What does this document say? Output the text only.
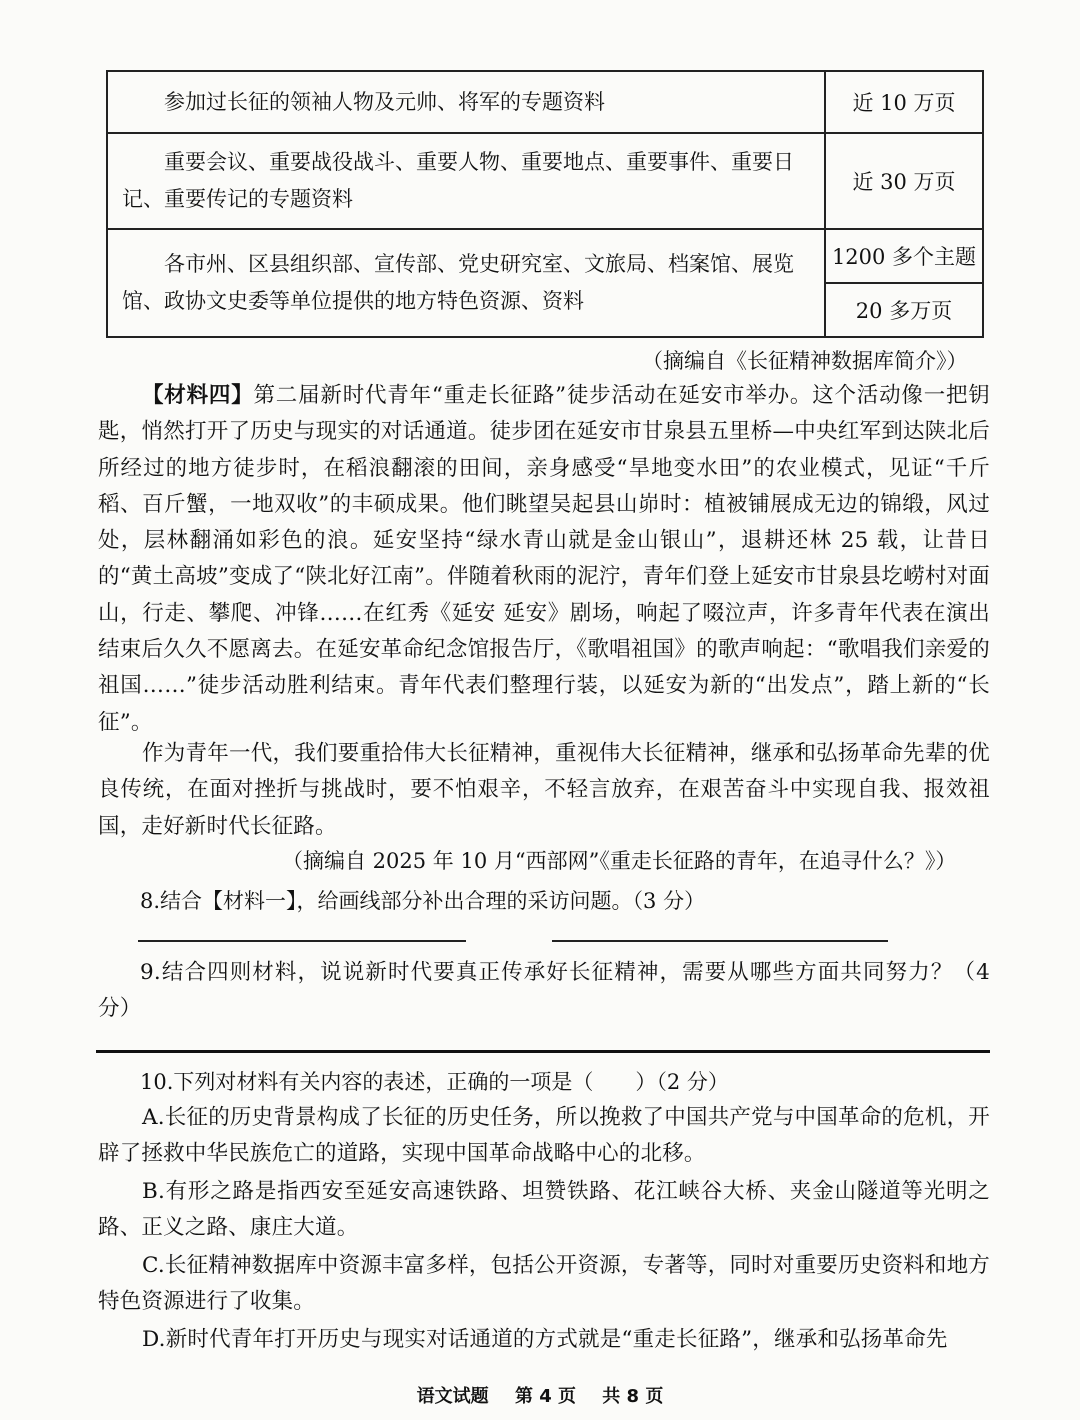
参加过长征的领袖人物及元帅、将军的专题资料	近 10 万页

重要会议、重要战役战斗、重要人物、重要地点、重要事件、重要日记、重要传记的专题资料	近 30 万页

各市州、区县组织部、宣传部、党史研究室、文旅局、档案馆、展览馆、政协文史委等单位提供的地方特色资源、资料	1200 多个主题
	20 多万页
（摘编自《长征精神数据库简介》）
【材料四】第二届新时代青年“重走长征路”徒步活动在延安市举办。这个活动像一把钥匙，悄然打开了历史与现实的对话通道。徒步团在延安市甘泉县五里桥—中央红军到达陕北后所经过的地方徒步时，在稻浪翻滚的田间，亲身感受“旱地变水田”的农业模式，见证“千斤稻、百斤蟹，一地双收”的丰硕成果。他们眺望吴起县山峁时：植被铺展成无边的锦缎，风过处，层林翻涌如彩色的浪。延安坚持“绿水青山就是金山银山”，退耕还林 25 载，让昔日的“黄土高坡”变成了“陕北好江南”。伴随着秋雨的泥泞，青年们登上延安市甘泉县圪崂村对面山，行走、攀爬、冲锋……在红秀《延安 延安》剧场，响起了啜泣声，许多青年代表在演出结束后久久不愿离去。在延安革命纪念馆报告厅，《歌唱祖国》的歌声响起：“歌唱我们亲爱的祖国……”徒步活动胜利结束。青年代表们整理行装，以延安为新的“出发点”，踏上新的“长征”。
作为青年一代，我们要重拾伟大长征精神，重视伟大长征精神，继承和弘扬革命先辈的优良传统，在面对挫折与挑战时，要不怕艰辛，不轻言放弃，在艰苦奋斗中实现自我、报效祖国，走好新时代长征路。
（摘编自 2025 年 10 月“西部网”《重走长征路的青年，在追寻什么？》）
8.结合【材料一】，给画线部分补出合理的采访问题。（3 分）
9.结合四则材料，说说新时代要真正传承好长征精神，需要从哪些方面共同努力？（4 分）
10.下列对材料有关内容的表述，正确的一项是（　　）（2 分）
A.长征的历史背景构成了长征的历史任务，所以挽救了中国共产党与中国革命的危机，开辟了拯救中华民族危亡的道路，实现中国革命战略中心的北移。
B.有形之路是指西安至延安高速铁路、坦赞铁路、花江峡谷大桥、夹金山隧道等光明之路、正义之路、康庄大道。
C.长征精神数据库中资源丰富多样，包括公开资源，专著等，同时对重要历史资料和地方特色资源进行了收集。
D.新时代青年打开历史与现实对话通道的方式就是“重走长征路”，继承和弘扬革命先
语文试题 第 4 页 共 8 页
